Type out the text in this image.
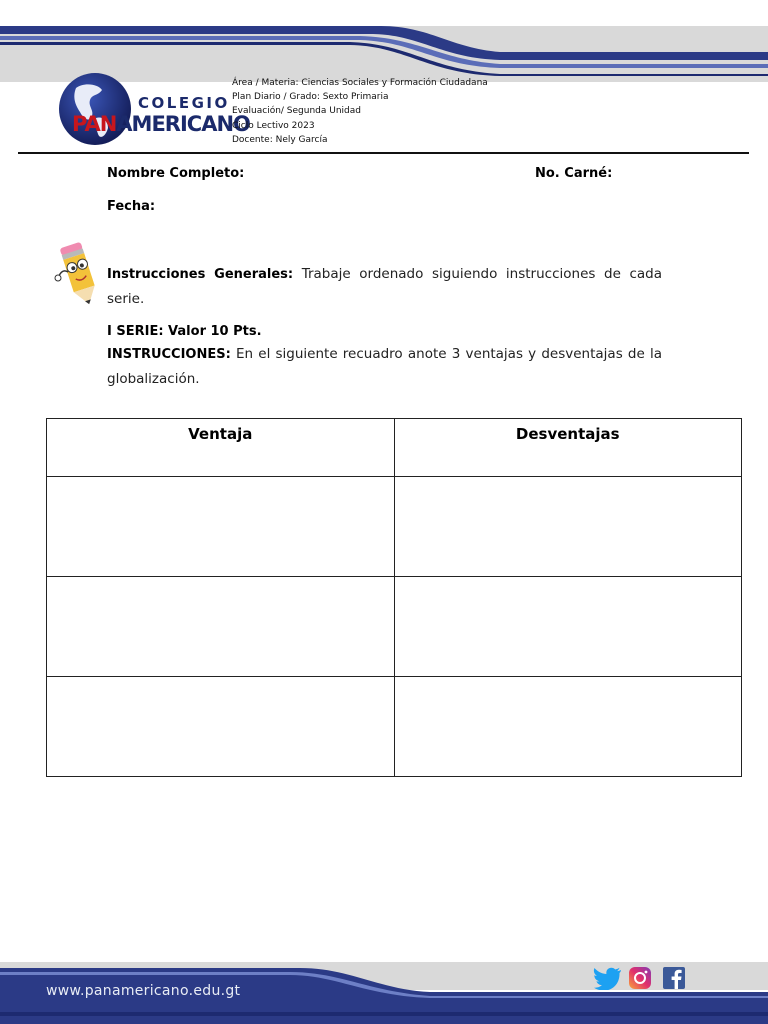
COLEGIO
PANAMERICANO
Área / Materia: Ciencias Sociales y Formación Ciudadana
Plan Diario / Grado: Sexto Primaria
Evaluación/ Segunda Unidad
Ciclo Lectivo 2023
Docente: Nely García
Nombre Completo:	No. Carné:
Fecha:
Instrucciones Generales: Trabaje ordenado siguiendo instrucciones de cada serie.
I SERIE: Valor 10 Pts.
INSTRUCCIONES: En el siguiente recuadro anote 3 ventajas y desventajas de la globalización.
Ventaja	Desventajas

www.panamericano.edu.gt
